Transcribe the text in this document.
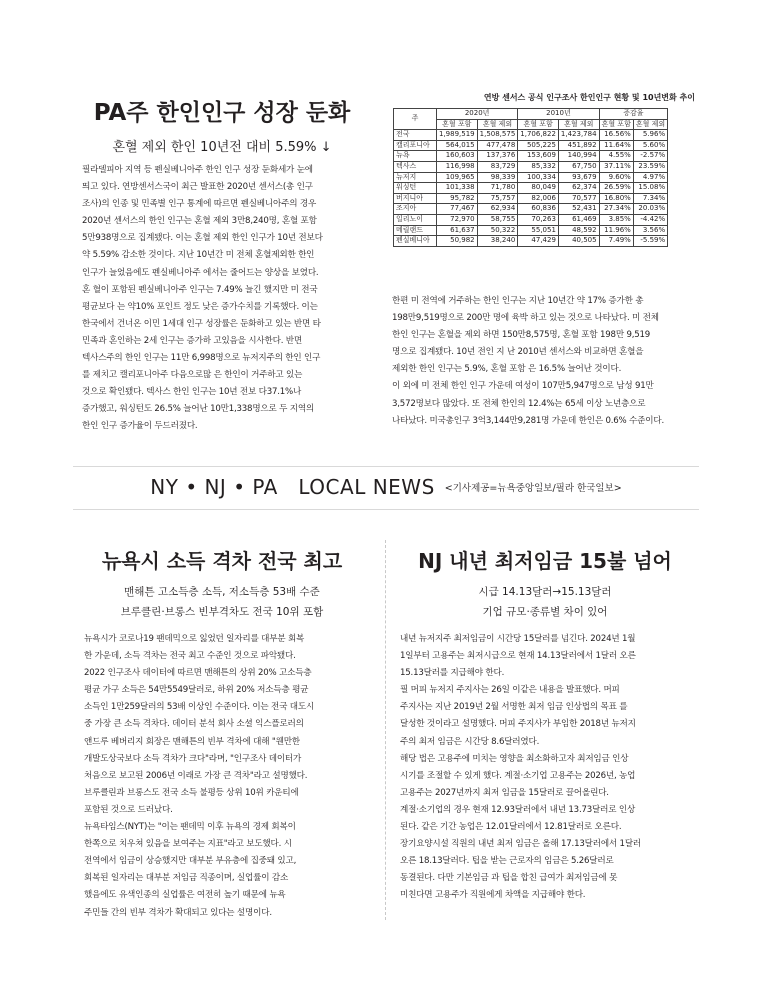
PA주 한인인구 성장 둔화
혼혈 제외 한인 10년전 대비 5.59% ↓
필라델피아 지역 등 펜실베니아주 한인 인구 성장 둔화세가 눈에
띄고 있다. 연방센서스국이 최근 발표한 2020년 센서스(총 인구
조사)의 인종 및 민족별 인구 통계에 따르면 펜실베니아주의 경우
2020년 센서스의 한인 인구는 혼혈 제외 3만8,240명, 혼혈 포함
5만938명으로 집계됐다. 이는 혼혈 제외 한인 인구가 10년 전보다
약 5.59% 감소한 것이다. 지난 10년간 미 전체 혼혈제외한 한인
인구가 늘었음에도 펜실베니아주 에서는 줄어드는 양상을 보였다.
혼 혈이 포함된 펜실베니아주 인구는 7.49% 늘긴 했지만 미 전국
평균보다 는 약10% 포인트 정도 낮은 증가수치를 기록했다. 이는
한국에서 건너온 이민 1세대 인구 성장률은 둔화하고 있는 반면 타
민족과 혼인하는 2세 인구는 증가하 고있음을 시사한다. 반면
텍사스주의 한인 인구는 11만 6,998명으로 뉴저지주의 한인 인구
를 제치고 캘리포니아주 다음으로많 은 한인이 거주하고 있는
것으로 확인됐다. 텍사스 한인 인구는 10년 전보 다37.1%나
증가했고, 워싱턴도 26.5% 늘어난 10만1,338명으로 두 지역의
한인 인구 증가율이 두드러졌다.
연방 센서스 공식 인구조사 한인인구 현황 및 10년변화 추이
주	2020년		2010년		증감율	
	혼혈 포함	혼혈 제외	혼혈 포함	혼혈 제외	혼혈 포함	혼혈 제외
전국	1,989,519	1,508,575	1,706,822	1,423,784	16.56%	5.96%
캘리포니아	564,015	477,478	505,225	451,892	11.64%	5.60%
뉴욕	160,603	137,376	153,609	140,994	4.55%	-2.57%
텍사스	116,998	83,729	85,332	67,750	37.11%	23.59%
뉴저지	109,965	98,339	100,334	93,679	9.60%	4.97%
워싱턴	101,338	71,780	80,049	62,374	26.59%	15.08%
버지니아	95,782	75,757	82,006	70,577	16.80%	7.34%
조지아	77,467	62,934	60,836	52,431	27.34%	20.03%
일리노이	72,970	58,755	70,263	61,469	3.85%	-4.42%
메릴랜드	61,637	50,322	55,051	48,592	11.96%	3.56%
펜실베니아	50,982	38,240	47,429	40,505	7.49%	-5.59%
한편 미 전역에 거주하는 한인 인구는 지난 10년간 약 17% 증가한 총
198만9,519명으로 200만 명에 육박 하고 있는 것으로 나타났다. 미 전체
한인 인구는 혼혈을 제외 하면 150만8,575명, 혼혈 포함 198만 9,519
명으로 집계됐다. 10년 전인 지 난 2010년 센서스와 비교하면 혼혈을
제외한 한인 인구는 5.9%, 혼혈 포함 은 16.5% 늘어난 것이다.
이 외에 미 전체 한인 인구 가운데 여성이 107만5,947명으로 남성 91만
3,572명보다 많았다. 또 전체 한인의 12.4%는 65세 이상 노년층으로
나타났다. 미국총인구 3억3,144만9,281명 가운데 한인은 0.6% 수준이다.
NY • NJ • PA   LOCAL NEWS <기사제공=뉴욕중앙일보/필라 한국일보>
뉴욕시 소득 격차 전국 최고
맨해튼 고소득층 소득, 저소득층 53배 수준
브루클린·브롱스 빈부격차도 전국 10위 포함
뉴욕시가 코로나19 팬데믹으로 잃었던 일자리를 대부분 회복
한 가운데, 소득 격차는 전국 최고 수준인 것으로 파악됐다.
2022 인구조사 데이터에 따르면 맨해튼의 상위 20% 고소득층
평균 가구 소득은 54만5549달러로, 하위 20% 저소득층 평균
소득인 1만259달러의 53배 이상인 수준이다. 이는 전국 대도시
중 가장 큰 소득 격차다. 데이터 분석 회사 소셜 익스플로러의
앤드루 베버리지 회장은 맨해튼의 빈부 격차에 대해 "웬만한
개발도상국보다 소득 격차가 크다"라며, "인구조사 데이터가
처음으로 보고된 2006년 이래로 가장 큰 격차"라고 설명했다.
브루클린과 브롱스도 전국 소득 불평등 상위 10위 카운티에
포함된 것으로 드러났다.
뉴욕타임스(NYT)는 "이는 팬데믹 이후 뉴욕의 경제 회복이
한쪽으로 치우쳐 있음을 보여주는 지표"라고 보도했다. 시
전역에서 임금이 상승했지만 대부분 부유층에 집중돼 있고,
회복된 일자리는 대부분 저임금 직종이며, 실업률이 감소
했음에도 유색인종의 실업률은 여전히 높기 때문에 뉴욕
주민들 간의 빈부 격차가 확대되고 있다는 설명이다.
NJ 내년 최저임금 15불 넘어
시급 14.13달러→15.13달러
기업 규모·종류별 차이 있어
내년 뉴저지주 최저임금이 시간당 15달러를 넘긴다. 2024년 1월
1일부터 고용주는 최저시급으로 현재 14.13달러에서 1달러 오른
15.13달러를 지급해야 한다.
필 머피 뉴저지 주지사는 26일 이같은 내용을 발표했다. 머피
주지사는 지난 2019년 2월 서명한 최저 임금 인상법의 목표 를
달성한 것이라고 설명했다. 머피 주지사가 부임한 2018년 뉴저지
주의 최저 임금은 시간당 8.6달러였다.
해당 법은 고용주에 미치는 영향을 최소화하고자 최저임금 인상
시기를 조절할 수 있게 했다. 계절·소기업 고용주는 2026년, 농업
고용주는 2027년까지 최저 임금을 15달러로 끌어올린다.
계절·소기업의 경우 현재 12.93달러에서 내년 13.73달러로 인상
된다. 같은 기간 농업은 12.01달러에서 12.81달러로 오른다.
장기요양시설 직원의 내년 최저 임금은 올해 17.13달러에서 1달러
오른 18.13달러다. 팁을 받는 근로자의 임금은 5.26달러로
동결된다. 다만 기본임금 과 팁을 합친 급여가 최저임금에 못
미친다면 고용주가 직원에게 차액을 지급해야 한다.
